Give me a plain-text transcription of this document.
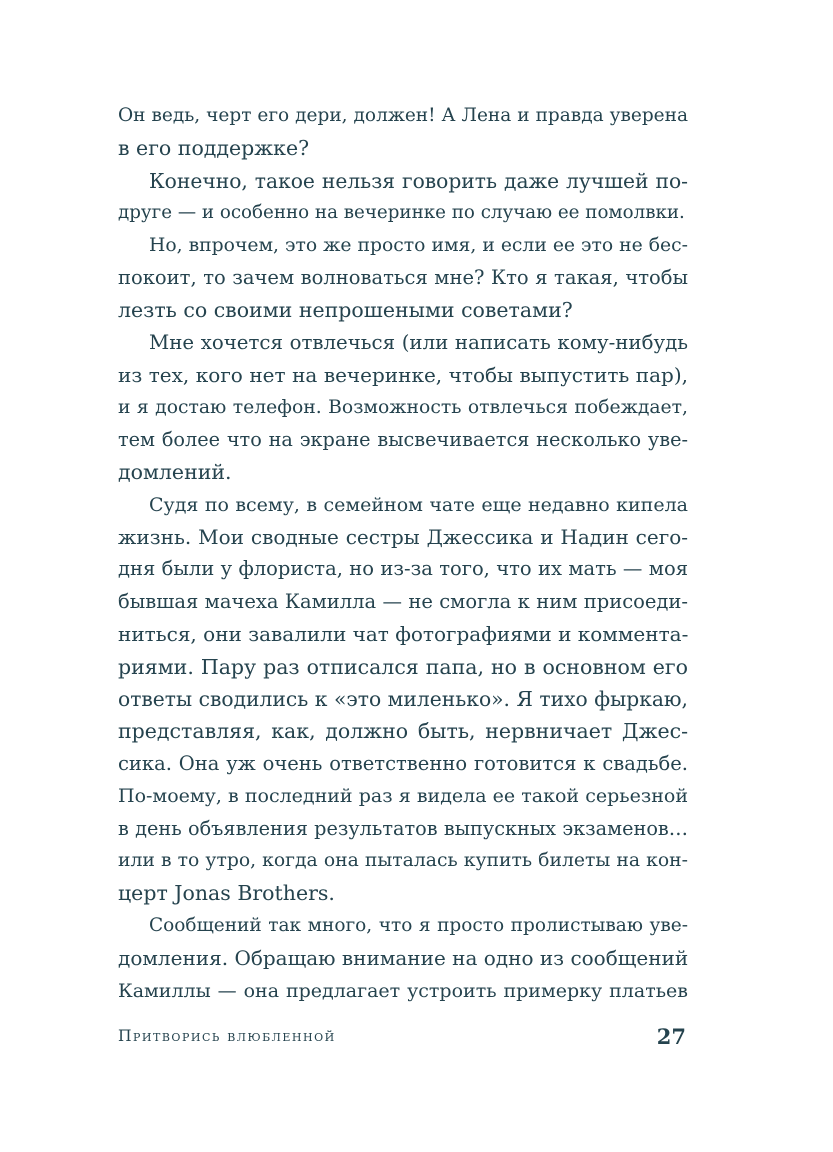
Он ведь, черт его дери, должен! А Лена и правда уверена
в его поддержке?
Конечно, такое нельзя говорить даже лучшей по-
друге — и особенно на вечеринке по случаю ее помолвки.
Но, впрочем, это же просто имя, и если ее это не бес-
покоит, то зачем волноваться мне? Кто я такая, чтобы
лезть со своими непрошеными советами?
Мне хочется отвлечься (или написать кому-нибудь
из тех, кого нет на вечеринке, чтобы выпустить пар),
и я достаю телефон. Возможность отвлечься побеждает,
тем более что на экране высвечивается несколько уве-
домлений.
Судя по всему, в семейном чате еще недавно кипела
жизнь. Мои сводные сестры Джессика и Надин сего-
дня были у флориста, но из-за того, что их мать — моя
бывшая мачеха Камилла — не смогла к ним присоеди-
ниться, они завалили чат фотографиями и коммента-
риями. Пару раз отписался папа, но в основном его
ответы сводились к «это миленько». Я тихо фыркаю,
представляя, как, должно быть, нервничает Джес-
сика. Она уж очень ответственно готовится к свадьбе.
По-моему, в последний раз я видела ее такой серьезной
в день объявления результатов выпускных экзаменов…
или в то утро, когда она пыталась купить билеты на кон-
церт Jonas Brothers.
Сообщений так много, что я просто пролистываю уве-
домления. Обращаю внимание на одно из сообщений
Камиллы — она предлагает устроить примерку платьев
Притворись влюбленной	27
